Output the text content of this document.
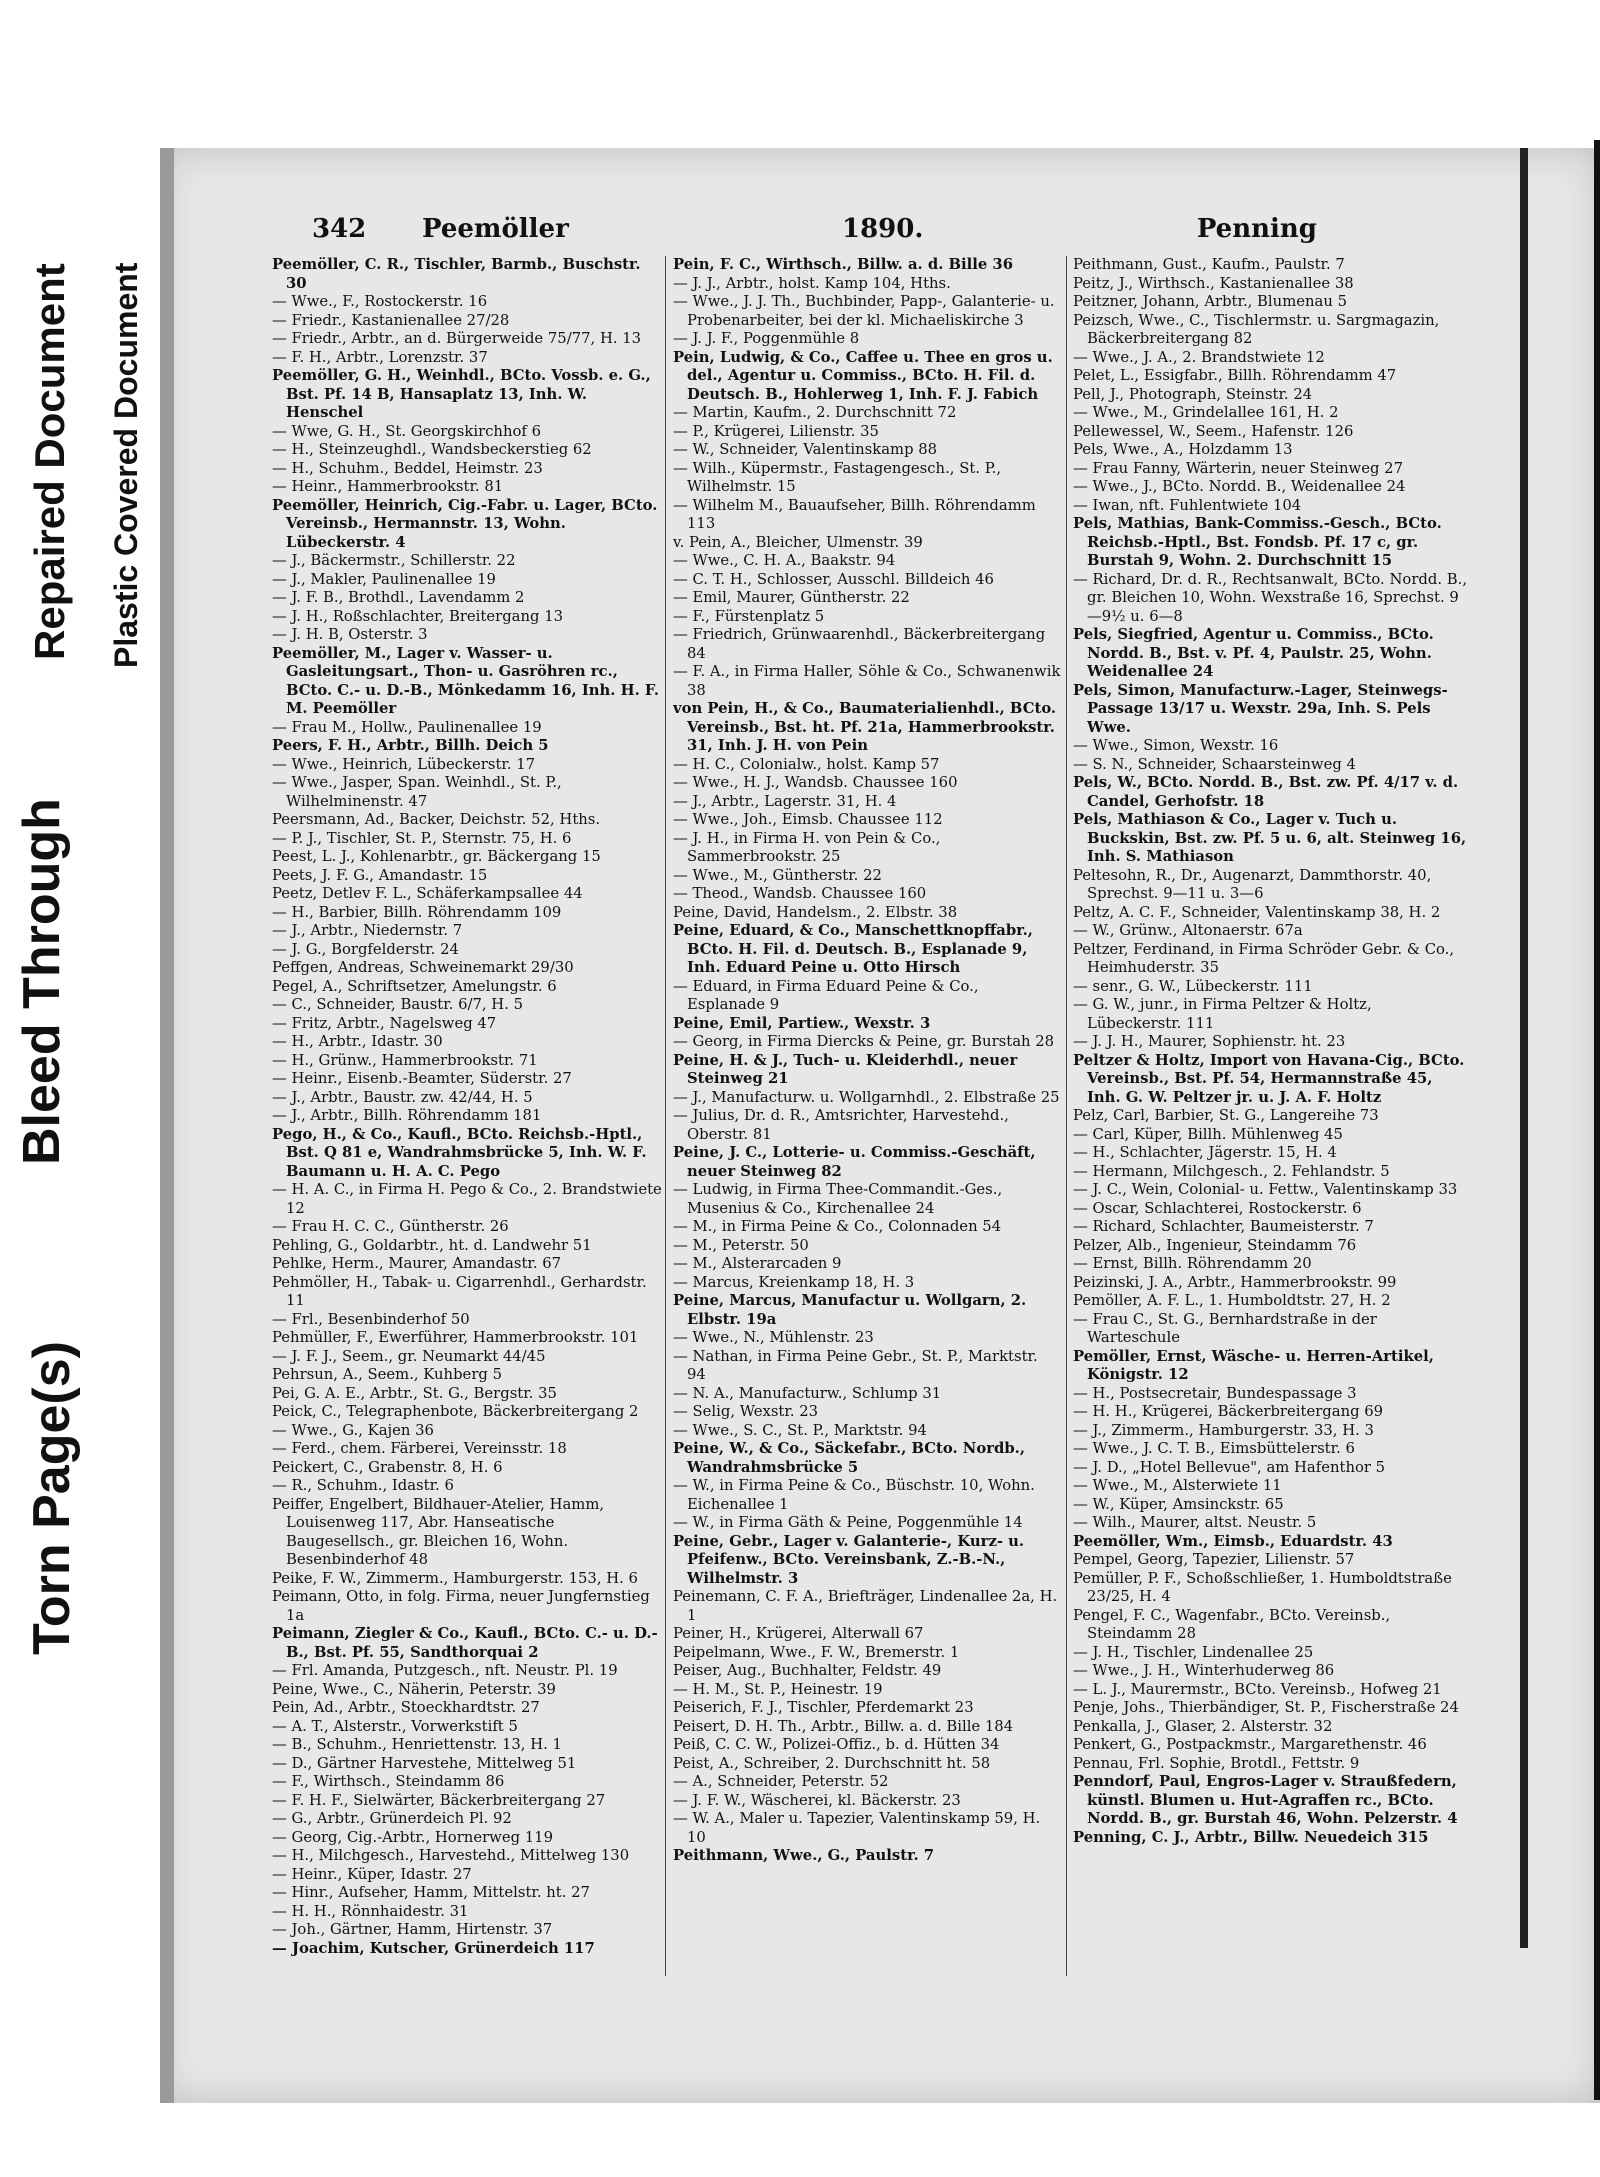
Torn Page(s)
Bleed Through
Repaired Document Plastic Covered Document
342 Peemöller	1890.	Penning

Peemöller, C. R., Tischler, Barmb., Buschstr. 30

— Wwe., F., Rostockerstr. 16

— Friedr., Kastanienallee 27/28

— Friedr., Arbtr., an d. Bürgerweide 75/77, H. 13

— F. H., Arbtr., Lorenzstr. 37

Peemöller, G. H., Weinhdl., BCto. Vossb. e. G., Bst. Pf. 14 B, Hansaplatz 13, Inh. W. Henschel

— Wwe, G. H., St. Georgskirchhof 6

— H., Steinzeughdl., Wandsbeckerstieg 62

— H., Schuhm., Beddel, Heimstr. 23

— Heinr., Hammerbrookstr. 81

Peemöller, Heinrich, Cig.-Fabr. u. Lager, BCto. Vereinsb., Hermannstr. 13, Wohn. Lübeckerstr. 4

— J., Bäckermstr., Schillerstr. 22

— J., Makler, Paulinenallee 19

— J. F. B., Brothdl., Lavendamm 2

— J. H., Roßschlachter, Breitergang 13

— J. H. B, Osterstr. 3

Peemöller, M., Lager v. Wasser- u. Gasleitungsart., Thon- u. Gasröhren rc., BCto. C.- u. D.-B., Mönkedamm 16, Inh. H. F. M. Peemöller

— Frau M., Hollw., Paulinenallee 19

Peers, F. H., Arbtr., Billh. Deich 5

— Wwe., Heinrich, Lübeckerstr. 17

— Wwe., Jasper, Span. Weinhdl., St. P., Wilhelminenstr. 47

Peersmann, Ad., Backer, Deichstr. 52, Hths.

— P. J., Tischler, St. P., Sternstr. 75, H. 6

Peest, L. J., Kohlenarbtr., gr. Bäckergang 15

Peets, J. F. G., Amandastr. 15

Peetz, Detlev F. L., Schäferkampsallee 44

— H., Barbier, Billh. Röhrendamm 109

— J., Arbtr., Niedernstr. 7

— J. G., Borgfelderstr. 24

Peffgen, Andreas, Schweinemarkt 29/30

Pegel, A., Schriftsetzer, Amelungstr. 6

— C., Schneider, Baustr. 6/7, H. 5

— Fritz, Arbtr., Nagelsweg 47

— H., Arbtr., Idastr. 30

— H., Grünw., Hammerbrookstr. 71

— Heinr., Eisenb.-Beamter, Süderstr. 27

— J., Arbtr., Baustr. zw. 42/44, H. 5

— J., Arbtr., Billh. Röhrendamm 181

Pego, H., & Co., Kaufl., BCto. Reichsb.-Hptl., Bst. Q 81 e, Wandrahmsbrücke 5, Inh. W. F. Baumann u. H. A. C. Pego

— H. A. C., in Firma H. Pego & Co., 2. Brandstwiete 12

— Frau H. C. C., Güntherstr. 26

Pehling, G., Goldarbtr., ht. d. Landwehr 51

Pehlke, Herm., Maurer, Amandastr. 67

Pehmöller, H., Tabak- u. Cigarrenhdl., Gerhardstr. 11

— Frl., Besenbinderhof 50

Pehmüller, F., Ewerführer, Hammerbrookstr. 101

— J. F. J., Seem., gr. Neumarkt 44/45

Pehrsun, A., Seem., Kuhberg 5

Pei, G. A. E., Arbtr., St. G., Bergstr. 35

Peick, C., Telegraphenbote, Bäckerbreitergang 2

— Wwe., G., Kajen 36

— Ferd., chem. Färberei, Vereinsstr. 18

Peickert, C., Grabenstr. 8, H. 6

— R., Schuhm., Idastr. 6

Peiffer, Engelbert, Bildhauer-Atelier, Hamm, Louisenweg 117, Abr. Hanseatische Baugesellsch., gr. Bleichen 16, Wohn. Besenbinderhof 48

Peike, F. W., Zimmerm., Hamburgerstr. 153, H. 6

Peimann, Otto, in folg. Firma, neuer Jungfernstieg 1a

Peimann, Ziegler & Co., Kaufl., BCto. C.- u. D.-B., Bst. Pf. 55, Sandthorquai 2

— Frl. Amanda, Putzgesch., nft. Neustr. Pl. 19

Peine, Wwe., C., Näherin, Peterstr. 39

Pein, Ad., Arbtr., Stoeckhardtstr. 27

— A. T., Alsterstr., Vorwerkstift 5

— B., Schuhm., Henriettenstr. 13, H. 1

— D., Gärtner Harvestehe, Mittelweg 51

— F., Wirthsch., Steindamm 86

— F. H. F., Sielwärter, Bäckerbreitergang 27

— G., Arbtr., Grünerdeich Pl. 92

— Georg, Cig.-Arbtr., Hornerweg 119

— H., Milchgesch., Harvestehd., Mittelweg 130

— Heinr., Küper, Idastr. 27

— Hinr., Aufseher, Hamm, Mittelstr. ht. 27

— H. H., Rönnhaidestr. 31

— Joh., Gärtner, Hamm, Hirtenstr. 37

— Joachim, Kutscher, Grünerdeich 117

Pein, F. C., Wirthsch., Billw. a. d. Bille 36

— J. J., Arbtr., holst. Kamp 104, Hths.

— Wwe., J. J. Th., Buchbinder, Papp-, Galanterie- u. Probenarbeiter, bei der kl. Michaeliskirche 3

— J. J. F., Poggenmühle 8

Pein, Ludwig, & Co., Caffee u. Thee en gros u. del., Agentur u. Commiss., BCto. H. Fil. d. Deutsch. B., Hohlerweg 1, Inh. F. J. Fabich

— Martin, Kaufm., 2. Durchschnitt 72

— P., Krügerei, Lilienstr. 35

— W., Schneider, Valentinskamp 88

— Wilh., Küpermstr., Fastagengesch., St. P., Wilhelmstr. 15

— Wilhelm M., Bauaufseher, Billh. Röhrendamm 113

v. Pein, A., Bleicher, Ulmenstr. 39

— Wwe., C. H. A., Baakstr. 94

— C. T. H., Schlosser, Ausschl. Billdeich 46

— Emil, Maurer, Güntherstr. 22

— F., Fürstenplatz 5

— Friedrich, Grünwaarenhdl., Bäckerbreitergang 84

— F. A., in Firma Haller, Söhle & Co., Schwanenwik 38

von Pein, H., & Co., Baumaterialienhdl., BCto. Vereinsb., Bst. ht. Pf. 21a, Hammerbrookstr. 31, Inh. J. H. von Pein

— H. C., Colonialw., holst. Kamp 57

— Wwe., H. J., Wandsb. Chaussee 160

— J., Arbtr., Lagerstr. 31, H. 4

— Wwe., Joh., Eimsb. Chaussee 112

— J. H., in Firma H. von Pein & Co., Sammerbrookstr. 25

— Wwe., M., Güntherstr. 22

— Theod., Wandsb. Chaussee 160

Peine, David, Handelsm., 2. Elbstr. 38

Peine, Eduard, & Co., Manschettknopffabr., BCto. H. Fil. d. Deutsch. B., Esplanade 9, Inh. Eduard Peine u. Otto Hirsch

— Eduard, in Firma Eduard Peine & Co., Esplanade 9

Peine, Emil, Partiew., Wexstr. 3

— Georg, in Firma Diercks & Peine, gr. Burstah 28

Peine, H. & J., Tuch- u. Kleiderhdl., neuer Steinweg 21

— J., Manufacturw. u. Wollgarnhdl., 2. Elbstraße 25

— Julius, Dr. d. R., Amtsrichter, Harvestehd., Oberstr. 81

Peine, J. C., Lotterie- u. Commiss.-Geschäft, neuer Steinweg 82

— Ludwig, in Firma Thee-Commandit.-Ges., Musenius & Co., Kirchenallee 24

— M., in Firma Peine & Co., Colonnaden 54

— M., Peterstr. 50

— M., Alsterarcaden 9

— Marcus, Kreienkamp 18, H. 3

Peine, Marcus, Manufactur u. Wollgarn, 2. Elbstr. 19a

— Wwe., N., Mühlenstr. 23

— Nathan, in Firma Peine Gebr., St. P., Marktstr. 94

— N. A., Manufacturw., Schlump 31

— Selig, Wexstr. 23

— Wwe., S. C., St. P., Marktstr. 94

Peine, W., & Co., Säckefabr., BCto. Nordb., Wandrahmsbrücke 5

— W., in Firma Peine & Co., Büschstr. 10, Wohn. Eichenallee 1

— W., in Firma Gäth & Peine, Poggenmühle 14

Peine, Gebr., Lager v. Galanterie-, Kurz- u. Pfeifenw., BCto. Vereinsbank, Z.-B.-N., Wilhelmstr. 3

Peinemann, C. F. A., Briefträger, Lindenallee 2a, H. 1

Peiner, H., Krügerei, Alterwall 67

Peipelmann, Wwe., F. W., Bremerstr. 1

Peiser, Aug., Buchhalter, Feldstr. 49

— H. M., St. P., Heinestr. 19

Peiserich, F. J., Tischler, Pferdemarkt 23

Peisert, D. H. Th., Arbtr., Billw. a. d. Bille 184

Peiß, C. C. W., Polizei-Offiz., b. d. Hütten 34

Peist, A., Schreiber, 2. Durchschnitt ht. 58

— A., Schneider, Peterstr. 52

— J. F. W., Wäscherei, kl. Bäckerstr. 23

— W. A., Maler u. Tapezier, Valentinskamp 59, H. 10

Peithmann, Wwe., G., Paulstr. 7

Peithmann, Gust., Kaufm., Paulstr. 7

Peitz, J., Wirthsch., Kastanienallee 38

Peitzner, Johann, Arbtr., Blumenau 5

Peizsch, Wwe., C., Tischlermstr. u. Sargmagazin, Bäckerbreitergang 82

— Wwe., J. A., 2. Brandstwiete 12

Pelet, L., Essigfabr., Billh. Röhrendamm 47

Pell, J., Photograph, Steinstr. 24

— Wwe., M., Grindelallee 161, H. 2

Pellewessel, W., Seem., Hafenstr. 126

Pels, Wwe., A., Holzdamm 13

— Frau Fanny, Wärterin, neuer Steinweg 27

— Wwe., J., BCto. Nordd. B., Weidenallee 24

— Iwan, nft. Fuhlentwiete 104

Pels, Mathias, Bank-Commiss.-Gesch., BCto. Reichsb.-Hptl., Bst. Fondsb. Pf. 17 c, gr. Burstah 9, Wohn. 2. Durchschnitt 15

— Richard, Dr. d. R., Rechtsanwalt, BCto. Nordd. B., gr. Bleichen 10, Wohn. Wexstraße 16, Sprechst. 9—9½ u. 6—8

Pels, Siegfried, Agentur u. Commiss., BCto. Nordd. B., Bst. v. Pf. 4, Paulstr. 25, Wohn. Weidenallee 24

Pels, Simon, Manufacturw.-Lager, Steinwegs-Passage 13/17 u. Wexstr. 29a, Inh. S. Pels Wwe.

— Wwe., Simon, Wexstr. 16

— S. N., Schneider, Schaarsteinweg 4

Pels, W., BCto. Nordd. B., Bst. zw. Pf. 4/17 v. d. Candel, Gerhofstr. 18

Pels, Mathiason & Co., Lager v. Tuch u. Buckskin, Bst. zw. Pf. 5 u. 6, alt. Steinweg 16, Inh. S. Mathiason

Peltesohn, R., Dr., Augenarzt, Dammthorstr. 40, Sprechst. 9—11 u. 3—6

Peltz, A. C. F., Schneider, Valentinskamp 38, H. 2

— W., Grünw., Altonaerstr. 67a

Peltzer, Ferdinand, in Firma Schröder Gebr. & Co., Heimhuderstr. 35

— senr., G. W., Lübeckerstr. 111

— G. W., junr., in Firma Peltzer & Holtz, Lübeckerstr. 111

— J. J. H., Maurer, Sophienstr. ht. 23

Peltzer & Holtz, Import von Havana-Cig., BCto. Vereinsb., Bst. Pf. 54, Hermannstraße 45, Inh. G. W. Peltzer jr. u. J. A. F. Holtz

Pelz, Carl, Barbier, St. G., Langereihe 73

— Carl, Küper, Billh. Mühlenweg 45

— H., Schlachter, Jägerstr. 15, H. 4

— Hermann, Milchgesch., 2. Fehlandstr. 5

— J. C., Wein, Colonial- u. Fettw., Valentinskamp 33

— Oscar, Schlachterei, Rostockerstr. 6

— Richard, Schlachter, Baumeisterstr. 7

Pelzer, Alb., Ingenieur, Steindamm 76

— Ernst, Billh. Röhrendamm 20

Peizinski, J. A., Arbtr., Hammerbrookstr. 99

Pemöller, A. F. L., 1. Humboldtstr. 27, H. 2

— Frau C., St. G., Bernhardstraße in der Warteschule

Pemöller, Ernst, Wäsche- u. Herren-Artikel, Königstr. 12

— H., Postsecretair, Bundespassage 3

— H. H., Krügerei, Bäckerbreitergang 69

— J., Zimmerm., Hamburgerstr. 33, H. 3

— Wwe., J. C. T. B., Eimsbüttelerstr. 6

— J. D., „Hotel Bellevue", am Hafenthor 5

— Wwe., M., Alsterwiete 11

— W., Küper, Amsinckstr. 65

— Wilh., Maurer, altst. Neustr. 5

Peemöller, Wm., Eimsb., Eduardstr. 43

Pempel, Georg, Tapezier, Lilienstr. 57

Pemüller, P. F., Schoßschließer, 1. Humboldtstraße 23/25, H. 4

Pengel, F. C., Wagenfabr., BCto. Vereinsb., Steindamm 28

— J. H., Tischler, Lindenallee 25

— Wwe., J. H., Winterhuderweg 86

— L. J., Maurermstr., BCto. Vereinsb., Hofweg 21

Penje, Johs., Thierbändiger, St. P., Fischerstraße 24

Penkalla, J., Glaser, 2. Alsterstr. 32

Penkert, G., Postpackmstr., Margarethenstr. 46

Pennau, Frl. Sophie, Brotdl., Fettstr. 9

Penndorf, Paul, Engros-Lager v. Straußfedern, künstl. Blumen u. Hut-Agraffen rc., BCto. Nordd. B., gr. Burstah 46, Wohn. Pelzerstr. 4

Penning, C. J., Arbtr., Billw. Neuedeich 315
